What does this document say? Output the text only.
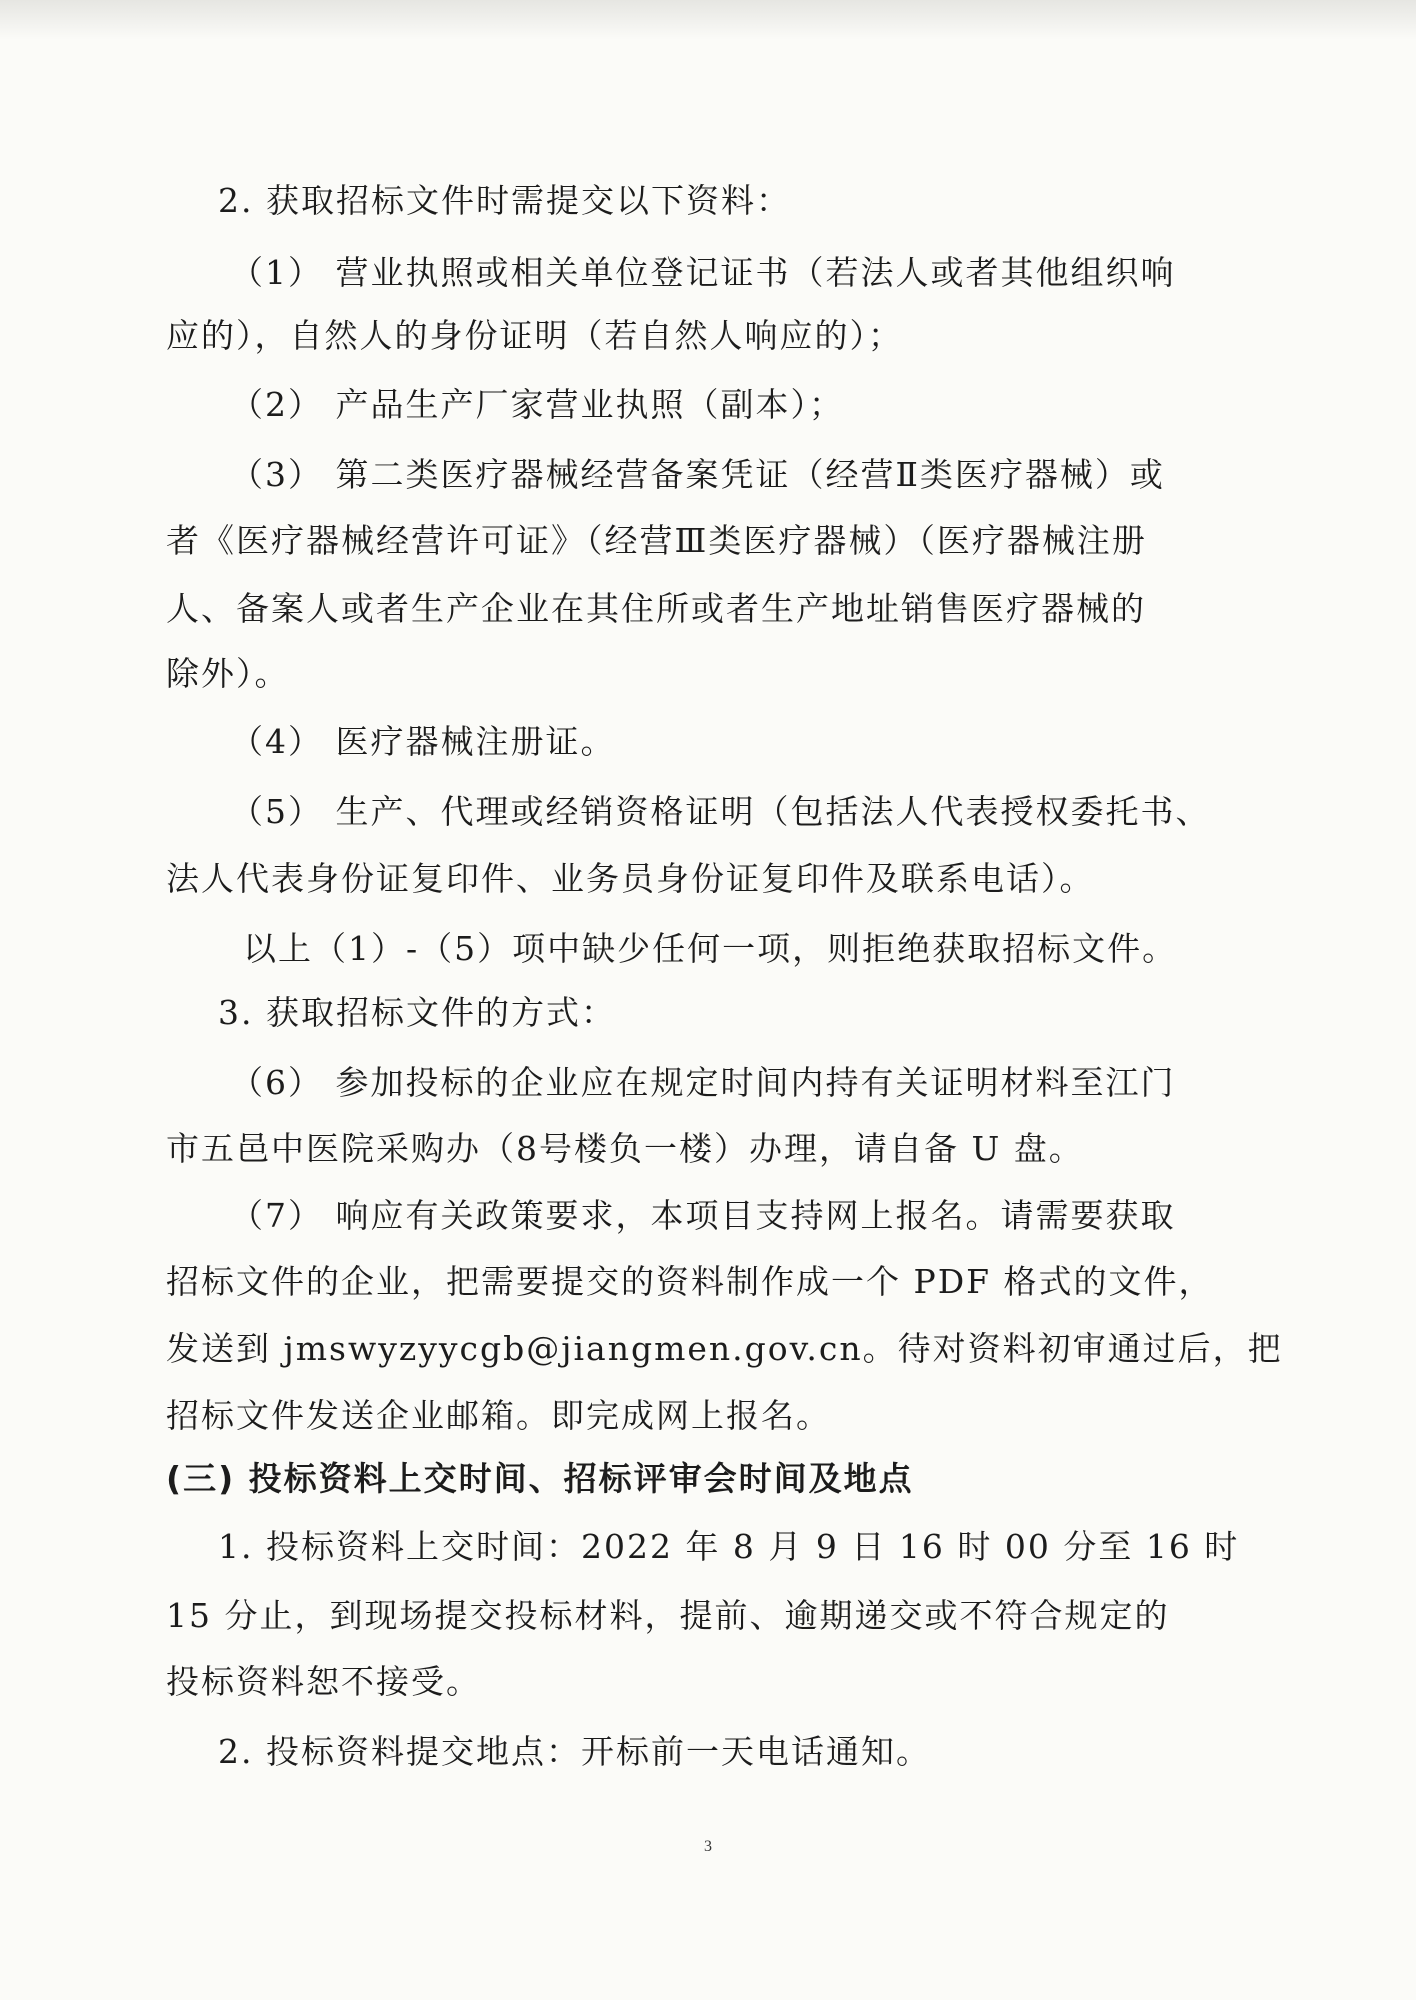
2. 获取招标文件时需提交以下资料：
（1） 营业执照或相关单位登记证书（若法人或者其他组织响
应的），自然人的身份证明（若自然人响应的）；
（2） 产品生产厂家营业执照（副本）；
（3） 第二类医疗器械经营备案凭证（经营Ⅱ类医疗器械）或
者《医疗器械经营许可证》（经营Ⅲ类医疗器械）（医疗器械注册
人、备案人或者生产企业在其住所或者生产地址销售医疗器械的
除外）。
（4） 医疗器械注册证。
（5） 生产、代理或经销资格证明（包括法人代表授权委托书、
法人代表身份证复印件、业务员身份证复印件及联系电话）。
以上（1）-（5）项中缺少任何一项，则拒绝获取招标文件。
3. 获取招标文件的方式：
（6） 参加投标的企业应在规定时间内持有关证明材料至江门
市五邑中医院采购办（8号楼负一楼）办理，请自备 U 盘。
（7） 响应有关政策要求，本项目支持网上报名。请需要获取
招标文件的企业，把需要提交的资料制作成一个 PDF 格式的文件，
发送到 jmswyzyycgb@jiangmen.gov.cn。待对资料初审通过后，把
招标文件发送企业邮箱。即完成网上报名。
(三) 投标资料上交时间、招标评审会时间及地点
1. 投标资料上交时间：2022 年 8 月 9 日 16 时 00 分至 16 时
15 分止，到现场提交投标材料，提前、逾期递交或不符合规定的
投标资料恕不接受。
2. 投标资料提交地点：开标前一天电话通知。
3
